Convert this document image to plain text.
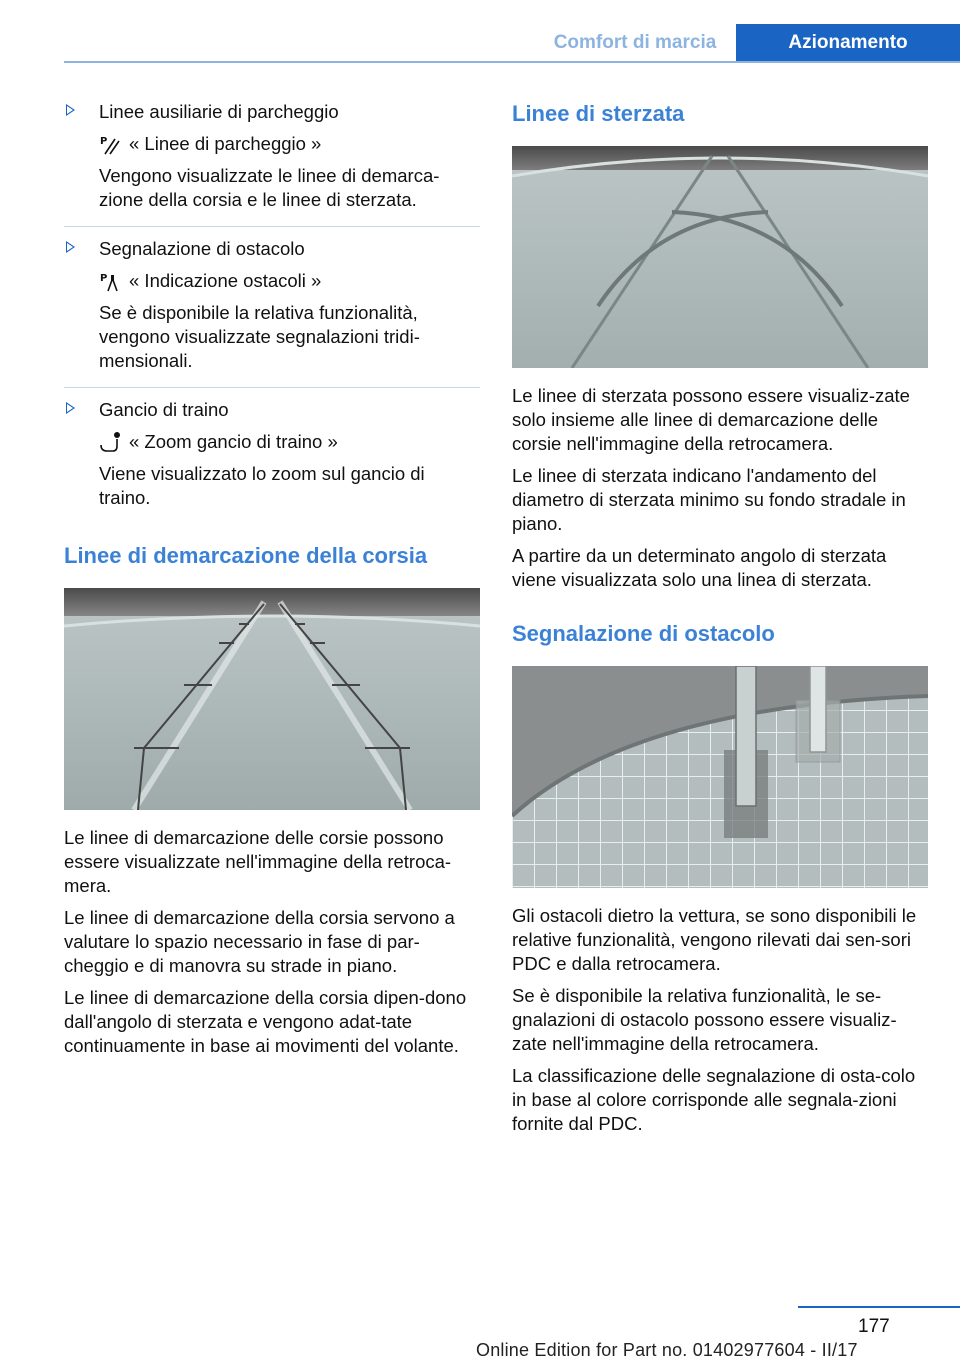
Comfort di marcia	Azionamento

Linee ausiliarie di parcheggio

P « Linee di parcheggio »

Vengono visualizzate le linee di demarca-zione della corsia e le linee di sterzata.

Segnalazione di ostacolo

P « Indicazione ostacoli »

Se è disponibile la relativa funzionalità, vengono visualizzate segnalazioni tridi-mensionali.

Gancio di traino

« Zoom gancio di traino »

Viene visualizzato lo zoom sul gancio di traino.

Linee di demarcazione della corsia

Le linee di demarcazione delle corsie possono essere visualizzate nell'immagine della retroca-mera.

Le linee di demarcazione della corsia servono a valutare lo spazio necessario in fase di par-cheggio e di manovra su strade in piano.

Le linee di demarcazione della corsia dipen-dono dall'angolo di sterzata e vengono adat-tate continuamente in base ai movimenti del volante.

Linee di sterzata

Le linee di sterzata possono essere visualiz-zate solo insieme alle linee di demarcazione delle corsie nell'immagine della retrocamera.

Le linee di sterzata indicano l'andamento del diametro di sterzata minimo su fondo stradale in piano.

A partire da un determinato angolo di sterzata viene visualizzata solo una linea di sterzata.

Segnalazione di ostacolo

Gli ostacoli dietro la vettura, se sono disponibili le relative funzionalità, vengono rilevati dai sen-sori PDC e dalla retrocamera.

Se è disponibile la relativa funzionalità, le se-gnalazioni di ostacolo possono essere visualiz-zate nell'immagine della retrocamera.

La classificazione delle segnalazione di osta-colo in base al colore corrisponde alle segnala-zioni fornite dal PDC.

177
Online Edition for Part no. 01402977604 - II/17
